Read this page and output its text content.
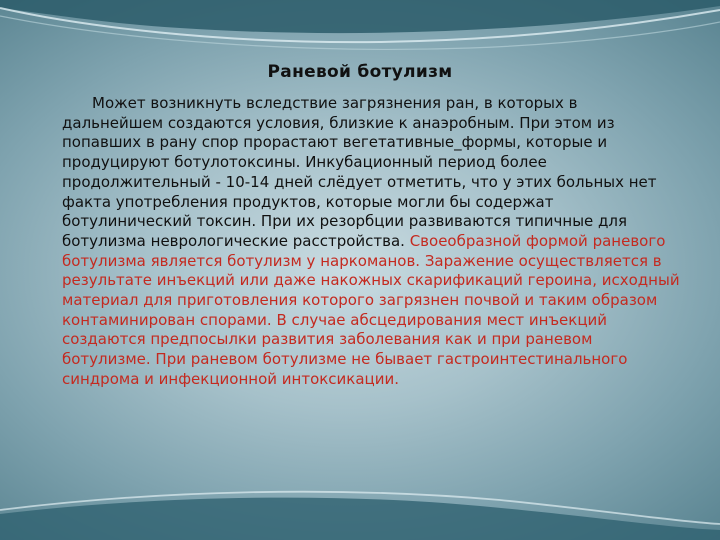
Раневой ботулизм

Может возникнуть вследствие загрязнения ран, в которых в дальнейшем создаются условия, близкие к анаэробным. При этом из попавших в рану спор прорастают вегетативные_формы, которые и продуцируют ботулотоксины. Инкубационный период более продолжительный - 10-14 дней слёдует отметить, что у этих больных нет факта употребления продуктов, которые могли бы содержат ботулинический токсин. При их резорбции развиваются типичные для ботулизма неврологические расстройства. Своеобразной формой раневого ботулизма является ботулизм у наркоманов. Заражение осуществляется в результате инъекций или даже накожных скарификаций героина, исходный материал для приготовления которого загрязнен почвой и таким образом контаминирован спорами. В случае абсцедирования мест инъекций создаются предпосылки развития заболевания как и при раневом ботулизме. При раневом ботулизме не бывает гастроинтестинального синдрома и инфекционной интоксикации.
